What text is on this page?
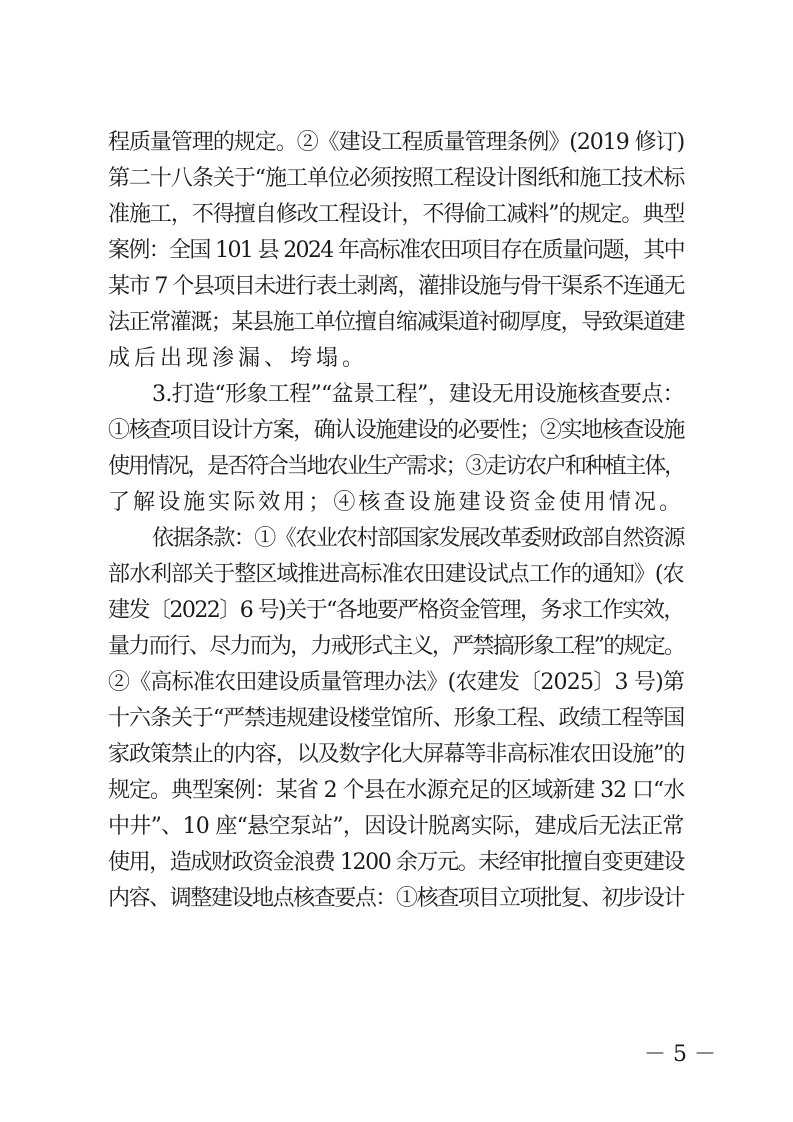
程质量管理的规定。②《建设工程质量管理条例》(2019 修订)
第二十八条关于“施工单位必须按照工程设计图纸和施工技术标
准施工，不得擅自修改工程设计，不得偷工减料”的规定。典型
案例：全国 101 县 2024 年高标准农田项目存在质量问题，其中
某市 7 个县项目未进行表土剥离，灌排设施与骨干渠系不连通无
法正常灌溉；某县施工单位擅自缩减渠道衬砌厚度，导致渠道建
成后出现渗漏、垮塌。
3.打造“形象工程”“盆景工程”，建设无用设施核查要点：
①核查项目设计方案，确认设施建设的必要性；②实地核查设施
使用情况，是否符合当地农业生产需求；③走访农户和种植主体，
了解设施实际效用；④核查设施建设资金使用情况。
依据条款：①《农业农村部国家发展改革委财政部自然资源
部水利部关于整区域推进高标准农田建设试点工作的通知》(农
建发〔2022〕6 号)关于“各地要严格资金管理，务求工作实效，
量力而行、尽力而为，力戒形式主义，严禁搞形象工程”的规定。
②《高标准农田建设质量管理办法》(农建发〔2025〕3 号)第
十六条关于“严禁违规建设楼堂馆所、形象工程、政绩工程等国
家政策禁止的内容，以及数字化大屏幕等非高标准农田设施”的
规定。典型案例：某省 2 个县在水源充足的区域新建 32 口“水
中井”、10 座“悬空泵站”，因设计脱离实际，建成后无法正常
使用，造成财政资金浪费 1200 余万元。未经审批擅自变更建设
内容、调整建设地点核查要点：①核查项目立项批复、初步设计
－ 5 －
